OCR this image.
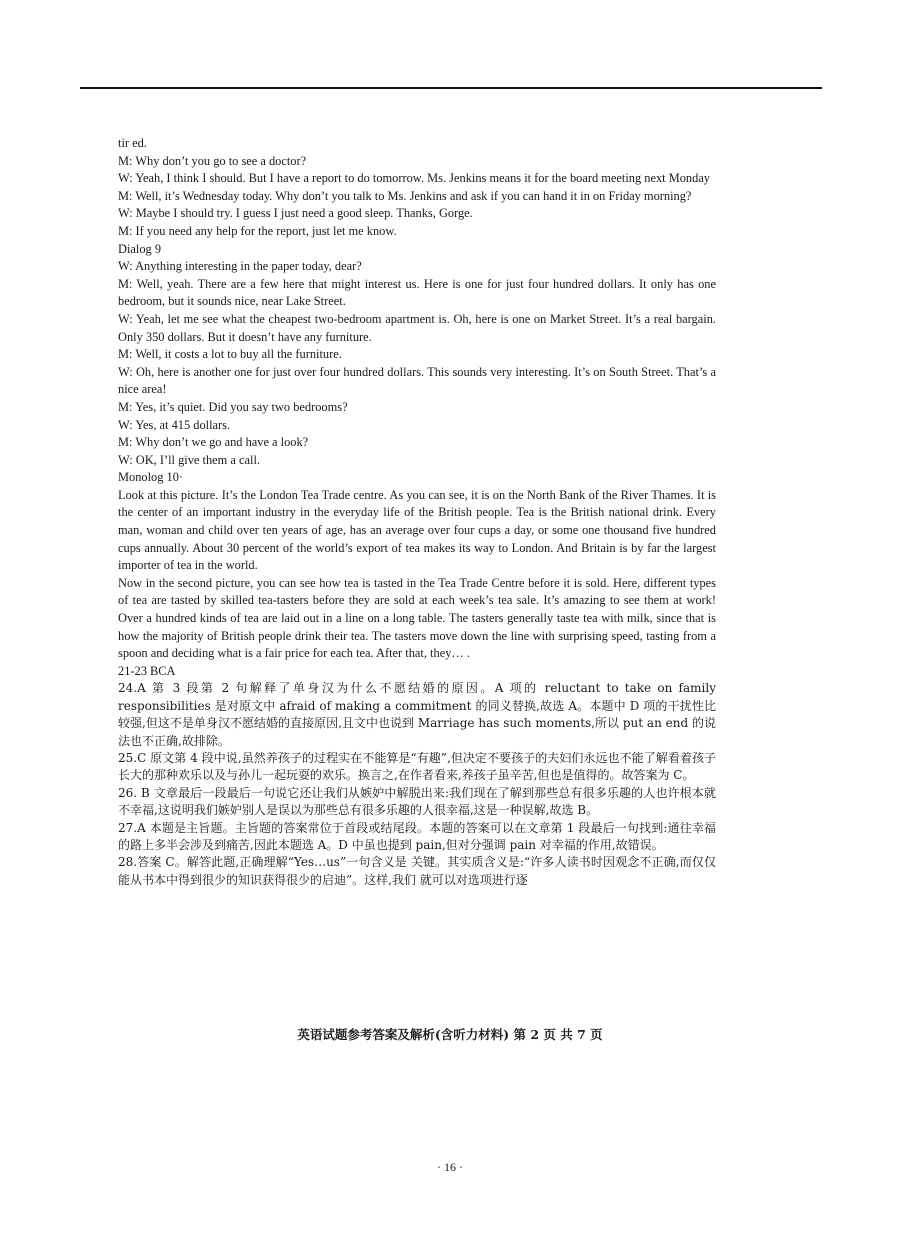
tir ed.

M: Why don’t you go to see a doctor?

W: Yeah, I think I should. But I have a report to do tomorrow. Ms. Jenkins means it for the board meeting next Monday

M: Well, it’s Wednesday today. Why don’t you talk to Ms. Jenkins and ask if you can hand it in on Friday morning?

W: Maybe I should try. I guess I just need a good sleep. Thanks, Gorge.

M: If you need any help for the report, just let me know.

Dialog 9

W: Anything interesting in the paper today, dear?

M: Well, yeah. There are a few here that might interest us. Here is one for just four hundred dollars. It only has one bedroom, but it sounds nice, near Lake Street.

W: Yeah, let me see what the cheapest two-bedroom apartment is. Oh, here is one on Market Street. It’s a real bargain. Only 350 dollars. But it doesn’t have any furniture.

M: Well, it costs a lot to buy all the furniture.

W: Oh, here is another one for just over four hundred dollars. This sounds very interesting. It’s on South Street. That’s a nice area!

M: Yes, it’s quiet. Did you say two bedrooms?

W: Yes, at 415 dollars.

M: Why don’t we go and have a look?

W: OK, I’ll give them a call.

Monolog 10·

Look at this picture. It’s the London Tea Trade centre. As you can see, it is on the North Bank of the River Thames. It is the center of an important industry in the everyday life of the British people. Tea is the British national drink. Every man, woman and child over ten years of age, has an average over four cups a day, or some one thousand five hundred cups annually. About 30 percent of the world’s export of tea makes its way to London. And Britain is by far the largest importer of tea in the world.

Now in the second picture, you can see how tea is tasted in the Tea Trade Centre before it is sold. Here, different types of tea are tasted by skilled tea-tasters before they are sold at each week’s tea sale. It’s amazing to see them at work! Over a hundred kinds of tea are laid out in a line on a long table. The tasters generally taste tea with milk, since that is how the majority of British people drink their tea. The tasters move down the line with surprising speed, tasting from a spoon and deciding what is a fair price for each tea. After that, they… .

21-23 BCA

24.A 第 3 段第 2 句解释了单身汉为什么不愿结婚的原因。A 项的 reluctant to take on family responsibilities 是对原文中 afraid of making a commitment 的同义替换,故选 A。本题中 D 项的干扰性比较强,但这不是单身汉不愿结婚的直接原因,且文中也说到 Marriage has such moments,所以 put an end 的说法也不正确,故排除。

25.C 原文第 4 段中说,虽然养孩子的过程实在不能算是“有趣”,但决定不要孩子的夫妇们永远也不能了解看着孩子长大的那种欢乐以及与孙儿一起玩耍的欢乐。换言之,在作者看来,养孩子虽辛苦,但也是值得的。故答案为 C。

26. B 文章最后一段最后一句说它还让我们从嫉妒中解脱出来:我们现在了解到那些总有很多乐趣的人也许根本就不幸福,这说明我们嫉妒别人是误以为那些总有很多乐趣的人很幸福,这是一种误解,故选 B。

27.A 本题是主旨题。主旨题的答案常位于首段或结尾段。本题的答案可以在文章第 1 段最后一句找到:通往幸福的路上多半会涉及到痛苦,因此本题选 A。D 中虽也提到 pain,但对分强调 pain 对幸福的作用,故错误。

28.答案 C。解答此题,正确理解“Yes…us”一句含义是 关键。其实质含义是:“许多人读书时因观念不正确,而仅仅能从书本中得到很少的知识获得很少的启迪”。这样,我们 就可以对选项进行逐

英语试题参考答案及解析(含听力材料) 第 2 页 共 7 页
· 16 ·
